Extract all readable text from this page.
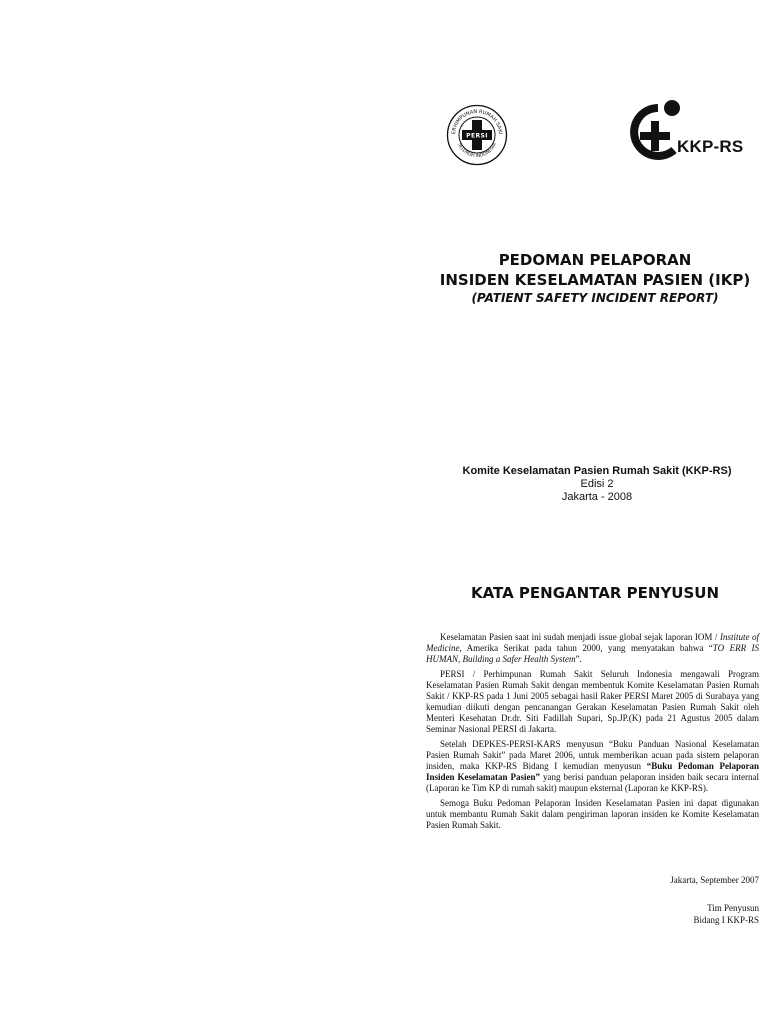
ERHIMPUNAN RUMAH SAKI
SELURUH INDONESIA
PERSI
KKP-RS
PEDOMAN PELAPORAN
INSIDEN KESELAMATAN PASIEN (IKP)
(PATIENT SAFETY INCIDENT REPORT)
Komite Keselamatan Pasien Rumah Sakit (KKP-RS)
Edisi 2
Jakarta - 2008
KATA PENGANTAR PENYUSUN

Keselamatan Pasien saat ini sudah menjadi issue global sejak laporan IOM / Institute of Medicine, Amerika Serikat pada tahun 2000, yang menyatakan bahwa “TO ERR IS HUMAN, Building a Safer Health System”.

PERSI / Perhimpunan Rumah Sakit Seluruh Indonesia mengawali Program Keselamatan Pasien Rumah Sakit dengan membentuk Komite Keselamatan Pasien Rumah Sakit / KKP-RS pada 1 Juni 2005 sebagai hasil Raker PERSI Maret 2005 di Surabaya yang kemudian diikuti dengan pencanangan Gerakan Keselamatan Pasien Rumah Sakit oleh Menteri Kesehatan Dr.dr. Siti Fadillah Supari, Sp.JP.(K) pada 21 Agustus 2005 dalam Seminar Nasional PERSI di Jakarta.

Setelah DEPKES-PERSI-KARS menyusun “Buku Panduan Nasional Keselamatan Pasien Rumah Sakit” pada Maret 2006, untuk memberikan acuan pada sistem pelaporan insiden, maka KKP-RS Bidang I kemudian menyusun “Buku Pedoman Pelaporan Insiden Keselamatan Pasien” yang berisi panduan pelaporan insiden baik secara internal (Laporan ke Tim KP di rumah sakit) maupun eksternal (Laporan ke KKP-RS).

Semoga Buku Pedoman Pelaporan Insiden Keselamatan Pasien ini dapat digunakan untuk membantu Rumah Sakit dalam pengiriman laporan insiden ke Komite Keselamatan Pasien Rumah Sakit.

Jakarta, September 2007
Tim Penyusun
Bidang I KKP-RS
